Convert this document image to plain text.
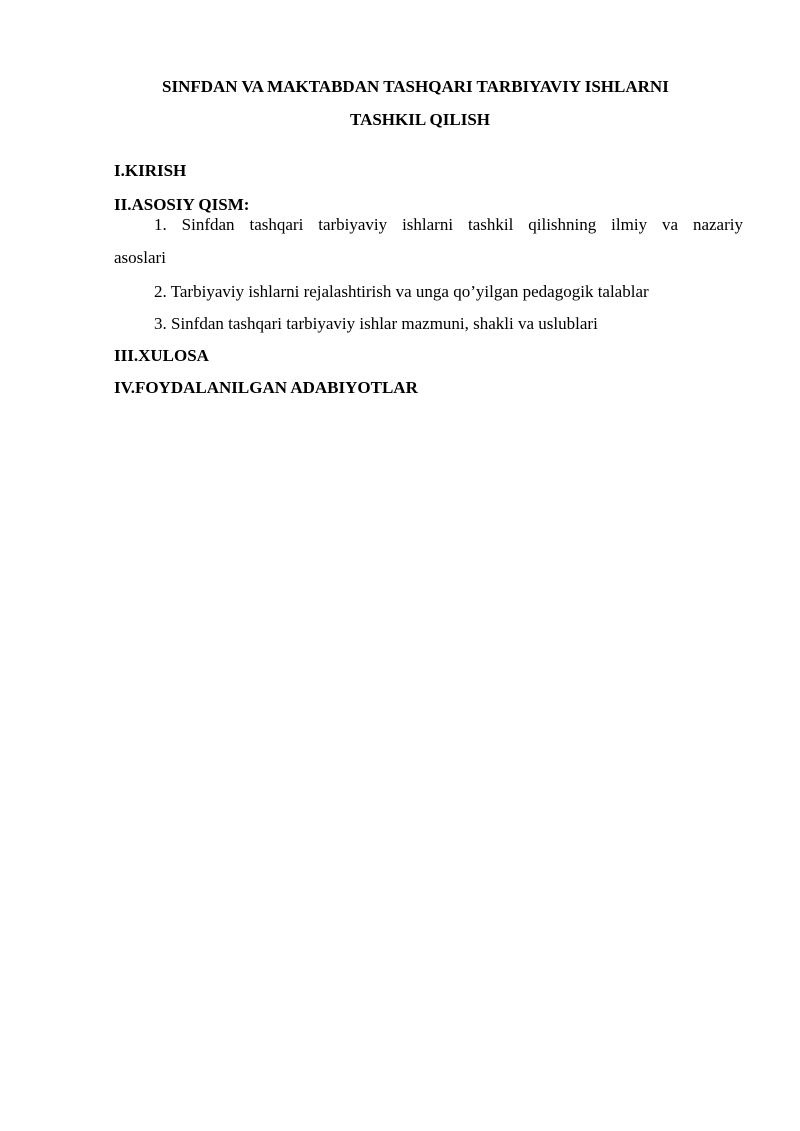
SINFDAN VA MAKTABDAN TASHQARI TARBIYAVIY ISHLARNI
TASHKIL QILISH
I.KIRISH
II.ASOSIY QISM:
1. Sinfdan tashqari tarbiyaviy ishlarni tashkil qilishning ilmiy va nazariy
asoslari
2. Tarbiyaviy ishlarni rejalashtirish va unga qo’yilgan pedagogik talablar
3. Sinfdan tashqari tarbiyaviy ishlar mazmuni, shakli va uslublari
III.XULOSA
IV.FOYDALANILGAN ADABIYOTLAR
